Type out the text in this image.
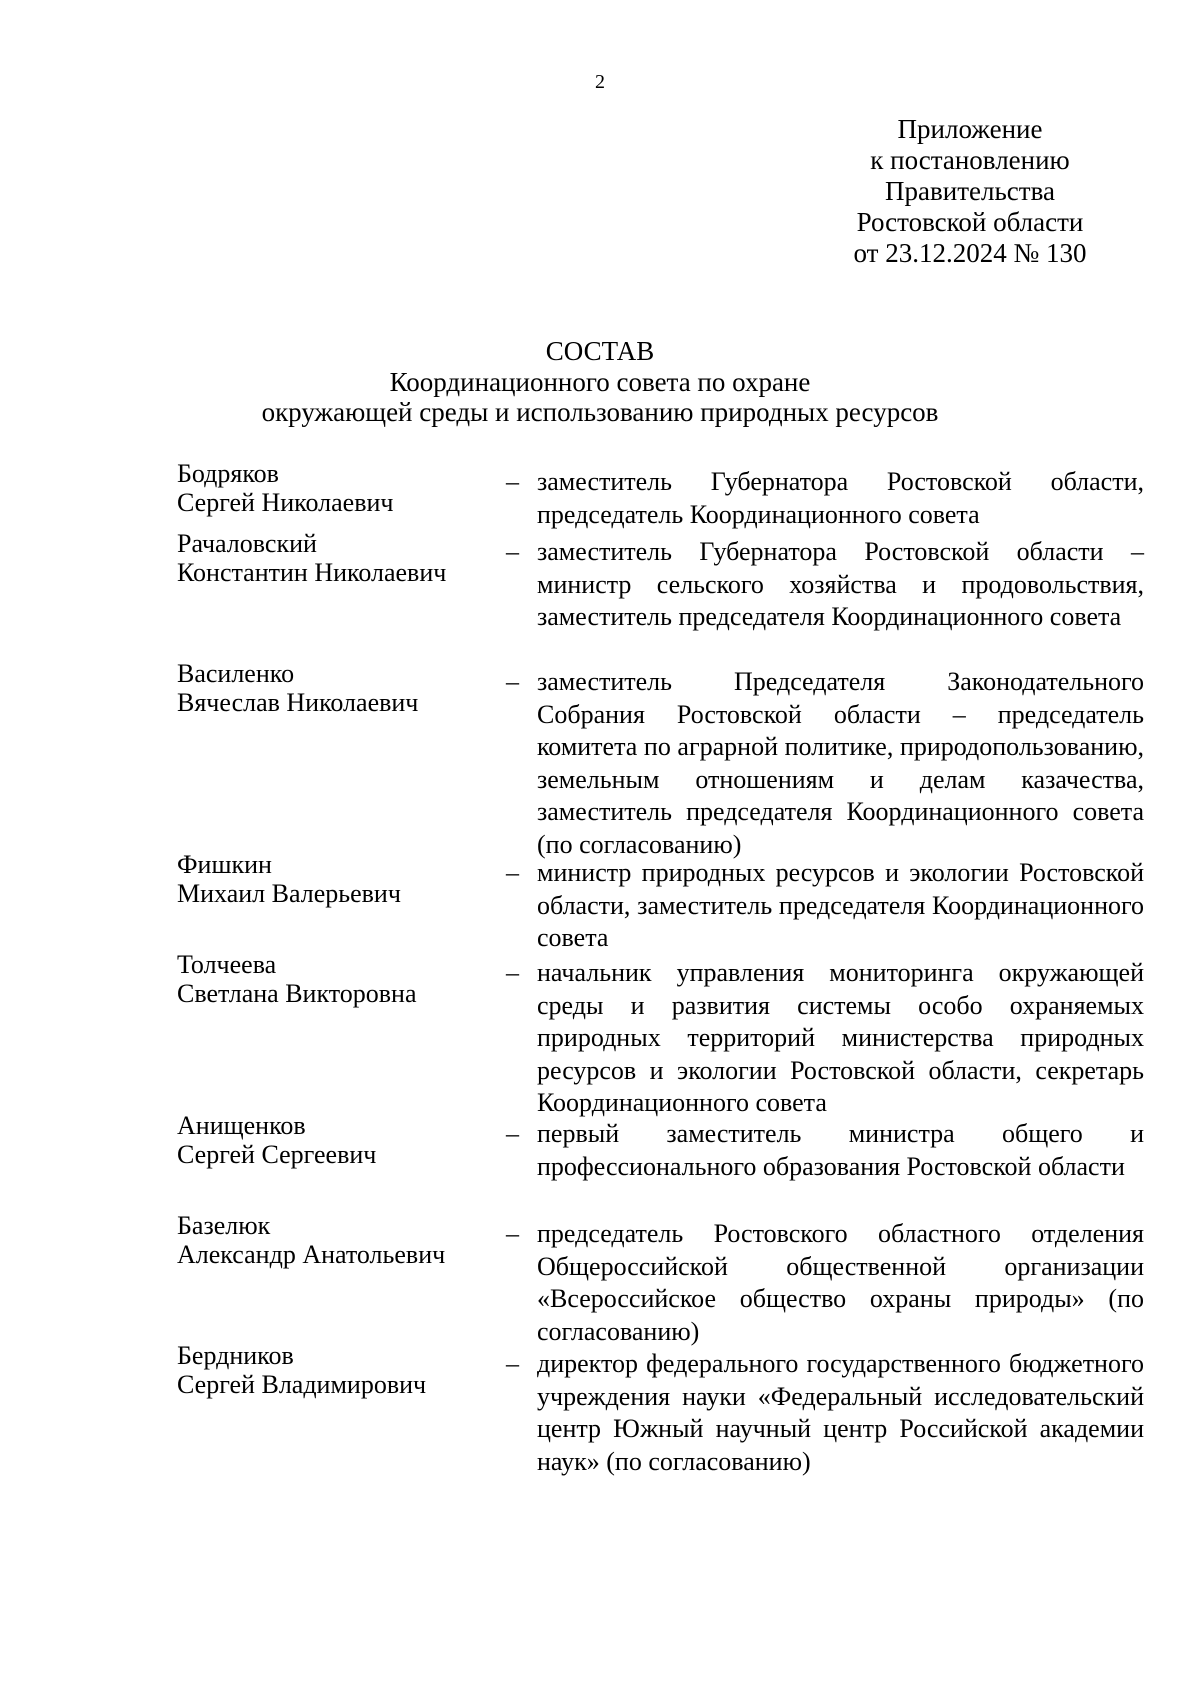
2
Приложение
к постановлению
Правительства
Ростовской области
от 23.12.2024 № 130
СОСТАВ
Координационного совета по охране
окружающей среды и использованию природных ресурсов
Бодряков
Сергей Николаевич
– заместитель Губернатора Ростовской области, председатель Координационного совета
Рачаловский
Константин Николаевич
– заместитель Губернатора Ростовской области – министр сельского хозяйства и продовольствия, заместитель председателя Координационного совета
Василенко
Вячеслав Николаевич
– заместитель Председателя Законодательного Собрания Ростовской области – председатель комитета по аграрной политике, природопользованию, земельным отношениям и делам казачества, заместитель председателя Координационного совета (по согласованию)
Фишкин
Михаил Валерьевич
– министр природных ресурсов и экологии Ростовской области, заместитель председателя Координационного совета
Толчеева
Светлана Викторовна
– начальник управления мониторинга окружающей среды и развития системы особо охраняемых природных территорий министерства природных ресурсов и экологии Ростовской области, секретарь Координационного совета
Анищенков
Сергей Сергеевич
– первый заместитель министра общего и профессионального образования Ростовской области
Базелюк
Александр Анатольевич
– председатель Ростовского областного отделения Общероссийской общественной организации «Всероссийское общество охраны природы» (по согласованию)
Бердников
Сергей Владимирович
– директор федерального государственного бюджетного учреждения науки «Федеральный исследовательский центр Южный научный центр Российской академии наук» (по согласованию)
